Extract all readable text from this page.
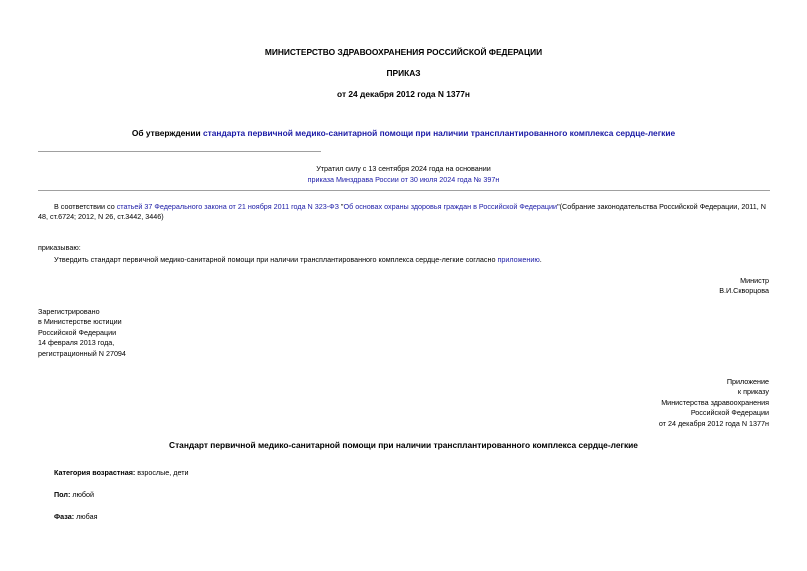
МИНИСТЕРСТВО ЗДРАВООХРАНЕНИЯ РОССИЙСКОЙ ФЕДЕРАЦИИ
ПРИКАЗ
от 24 декабря 2012 года N 1377н
Об утверждении стандарта первичной медико-санитарной помощи при наличии трансплантированного комплекса сердце-легкие
Утратил силу с 13 сентября 2024 года на основании
приказа Минздрава России от 30 июля 2024 года № 397н
В соответствии со статьей 37 Федерального закона от 21 ноября 2011 года N 323-ФЗ "Об основах охраны здоровья граждан в Российской Федерации"(Собрание законодательства Российской Федерации, 2011, N 48, ст.6724; 2012, N 26, ст.3442, 3446)
приказываю:
Утвердить стандарт первичной медико-санитарной помощи при наличии трансплантированного комплекса сердце-легкие согласно приложению.
Министр
В.И.Скворцова
Зарегистрировано
в Министерстве юстиции
Российской Федерации
14 февраля 2013 года,
регистрационный N 27094
Приложение
к приказу
Министерства здравоохранения
Российской Федерации
от 24 декабря 2012 года N 1377н
Стандарт первичной медико-санитарной помощи при наличии трансплантированного комплекса сердце-легкие
Категория возрастная: взрослые, дети
Пол: любой
Фаза: любая
